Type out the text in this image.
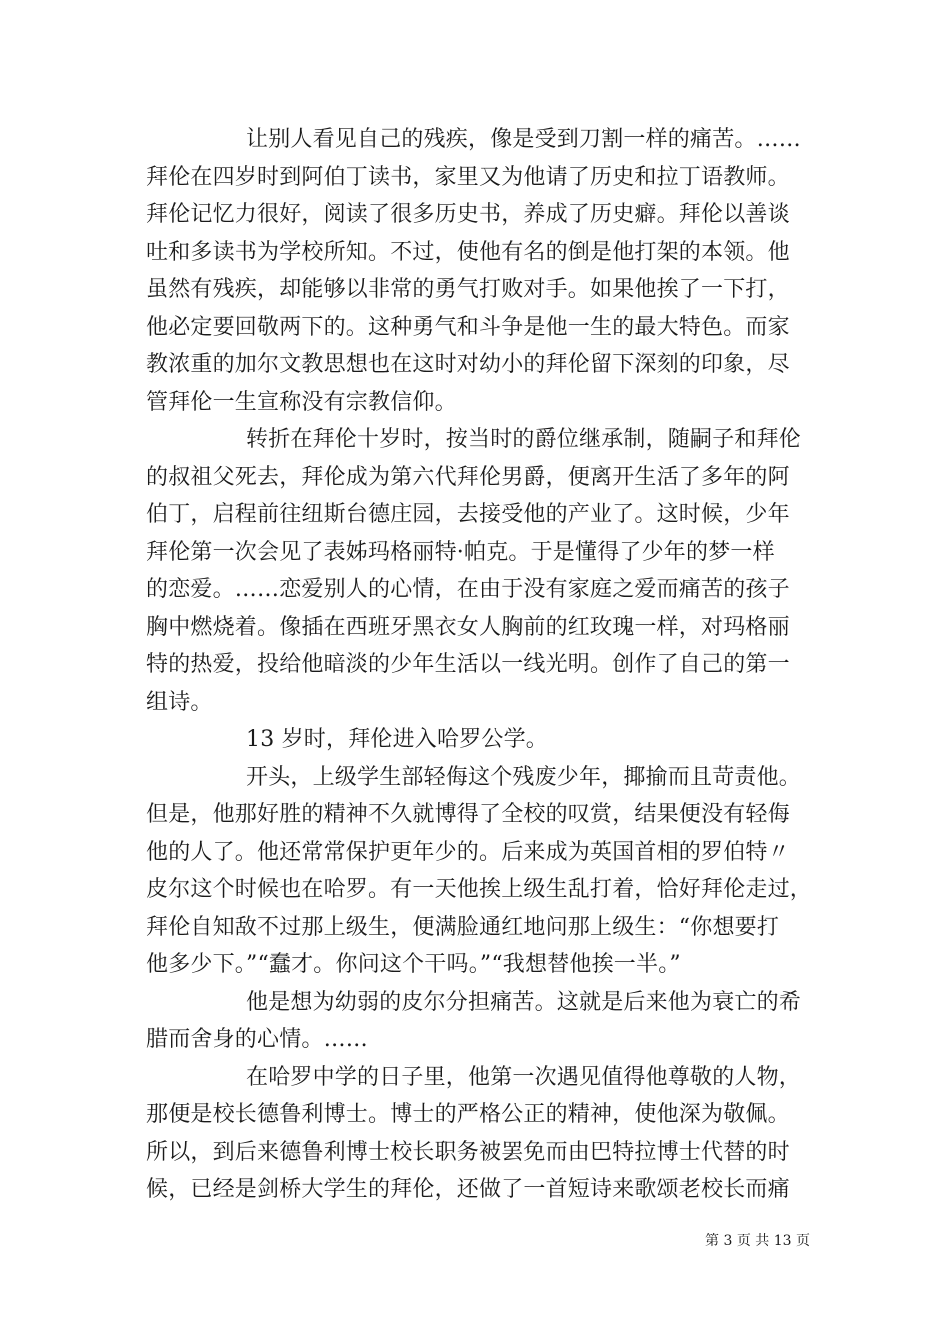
让别人看见自己的残疾，像是受到刀割一样的痛苦。……
拜伦在四岁时到阿伯丁读书，家里又为他请了历史和拉丁语教师。
拜伦记忆力很好，阅读了很多历史书，养成了历史癖。拜伦以善谈
吐和多读书为学校所知。不过，使他有名的倒是他打架的本领。他
虽然有残疾，却能够以非常的勇气打败对手。如果他挨了一下打，
他必定要回敬两下的。这种勇气和斗争是他一生的最大特色。而家
教浓重的加尔文教思想也在这时对幼小的拜伦留下深刻的印象，尽
管拜伦一生宣称没有宗教信仰。

转折在拜伦十岁时，按当时的爵位继承制，随嗣子和拜伦
的叔祖父死去，拜伦成为第六代拜伦男爵，便离开生活了多年的阿
伯丁，启程前往纽斯台德庄园，去接受他的产业了。这时候，少年
拜伦第一次会见了表姊玛格丽特·帕克。于是懂得了少年的梦一样
的恋爱。……恋爱别人的心情，在由于没有家庭之爱而痛苦的孩子
胸中燃烧着。像插在西班牙黑衣女人胸前的红玫瑰一样，对玛格丽
特的热爱，投给他暗淡的少年生活以一线光明。创作了自己的第一
组诗。

13 岁时，拜伦进入哈罗公学。

开头，上级学生部轻侮这个残废少年，揶揄而且苛责他。
但是，他那好胜的精神不久就博得了全校的叹赏，结果便没有轻侮
他的人了。他还常常保护更年少的。后来成为英国首相的罗伯特〃
皮尔这个时候也在哈罗。有一天他挨上级生乱打着，恰好拜伦走过，
拜伦自知敌不过那上级生，便满脸通红地问那上级生：“你想要打
他多少下。”“蠢才。你问这个干吗。”“我想替他挨一半。”

他是想为幼弱的皮尔分担痛苦。这就是后来他为衰亡的希
腊而舍身的心情。……

在哈罗中学的日子里，他第一次遇见值得他尊敬的人物，
那便是校长德鲁利博士。博士的严格公正的精神，使他深为敬佩。
所以，到后来德鲁利博士校长职务被罢免而由巴特拉博士代替的时
候，已经是剑桥大学生的拜伦，还做了一首短诗来歌颂老校长而痛

第 3 页 共 13 页
